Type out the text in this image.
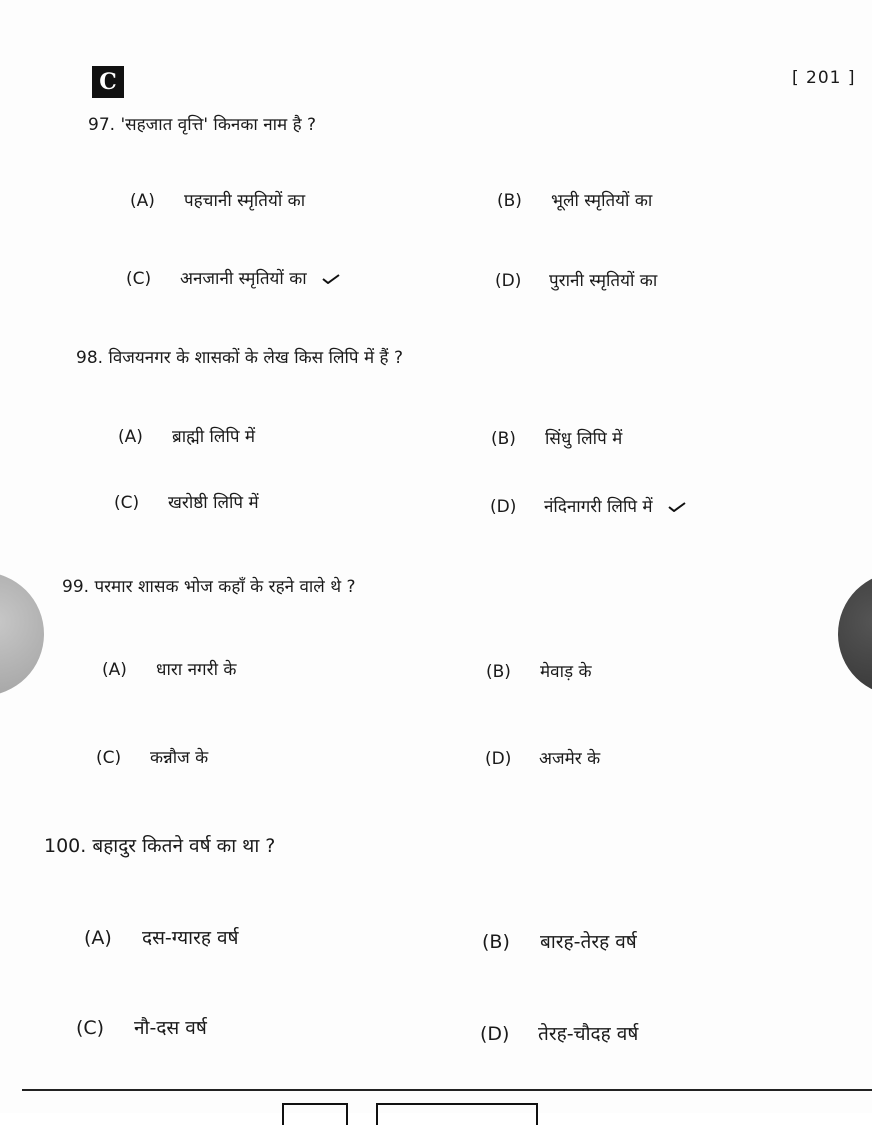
C	[ 201 ]
97. 'सहजात वृत्ति' किनका नाम है ?
(A) पहचानी स्मृतियों का	(B) भूली स्मृतियों का
(C) अनजानी स्मृतियों का	(D) पुरानी स्मृतियों का
98. विजयनगर के शासकों के लेख किस लिपि में हैं ?
(A) ब्राह्मी लिपि में	(B) सिंधु लिपि में
(C) खरोष्ठी लिपि में	(D) नंदिनागरी लिपि में
99. परमार शासक भोज कहाँ के रहने वाले थे ?
(A) धारा नगरी के	(B) मेवाड़ के
(C) कन्नौज के	(D) अजमेर के
100. बहादुर कितने वर्ष का था ?
(A) दस-ग्यारह वर्ष	(B) बारह-तेरह वर्ष
(C) नौ-दस वर्ष	(D) तेरह-चौदह वर्ष
